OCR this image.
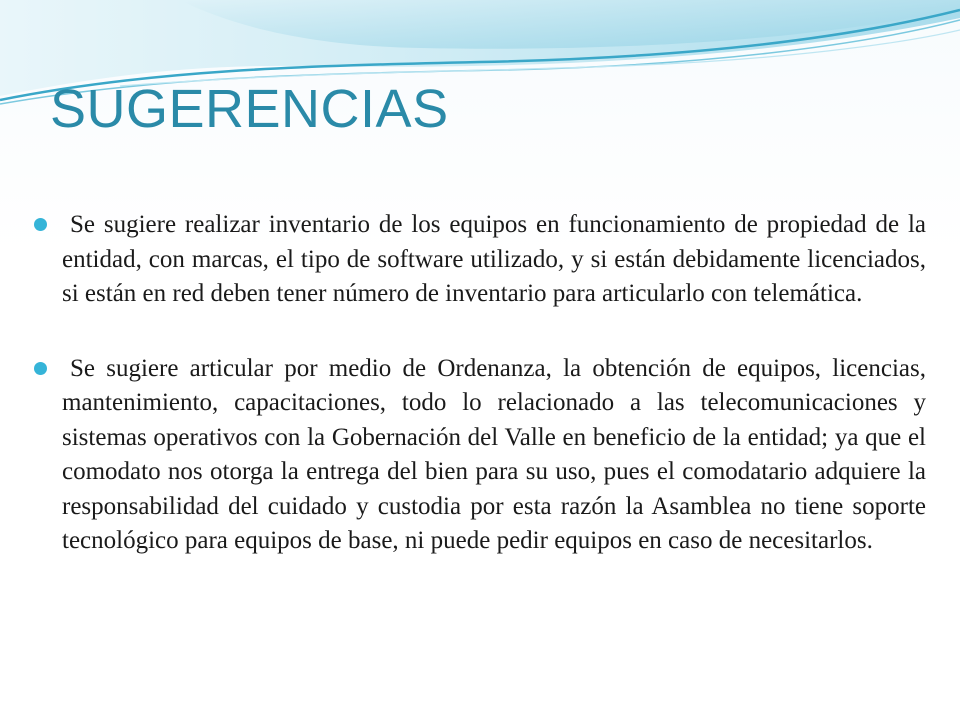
SUGERENCIAS
Se sugiere realizar inventario de los equipos en funcionamiento de propiedad de la entidad, con marcas, el tipo de software utilizado, y si están debidamente licenciados, si están en red deben tener número de inventario para articularlo con telemática.
Se sugiere articular por medio de Ordenanza, la obtención de equipos, licencias, mantenimiento, capacitaciones, todo lo relacionado a las telecomunicaciones y sistemas operativos con la Gobernación del Valle en beneficio de la entidad; ya que el comodato nos otorga la entrega del bien para su uso, pues el comodatario adquiere la responsabilidad del cuidado y custodia por esta razón la Asamblea no tiene soporte tecnológico para equipos de base, ni puede pedir equipos en caso de necesitarlos.
